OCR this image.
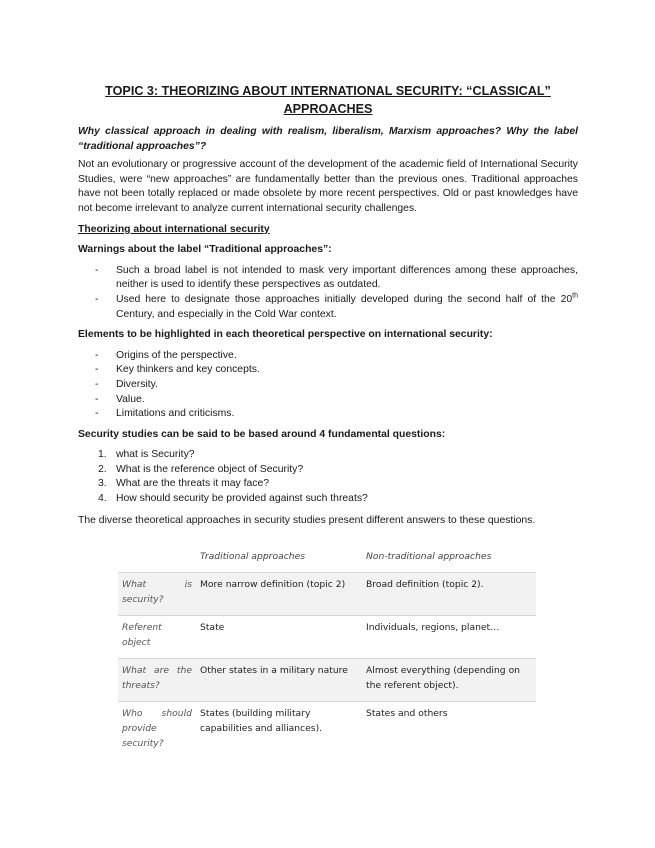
TOPIC 3: THEORIZING ABOUT INTERNATIONAL SECURITY: “CLASSICAL”
APPROACHES

Why classical approach in dealing with realism, liberalism, Marxism approaches? Why the label “traditional approaches”?

Not an evolutionary or progressive account of the development of the academic field of International Security Studies, were “new approaches” are fundamentally better than the previous ones. Traditional approaches have not been totally replaced or made obsolete by more recent perspectives. Old or past knowledges have not become irrelevant to analyze current international security challenges.

Theorizing about international security

Warnings about the label “Traditional approaches”:

- Such a broad label is not intended to mask very important differences among these approaches, neither is used to identify these perspectives as outdated.
- Used here to designate those approaches initially developed during the second half of the 20th Century, and especially in the Cold War context.

Elements to be highlighted in each theoretical perspective on international security:

- Origins of the perspective.
- Key thinkers and key concepts.
- Diversity.
- Value.
- Limitations and criticisms.

Security studies can be said to be based around 4 fundamental questions:

1. what is Security?
2. What is the reference object of Security?
3. What are the threats it may face?
4. How should security be provided against such threats?

The diverse theoretical approaches in security studies present different answers to these questions.

	Traditional approaches	Non-traditional approaches
What is security?	More narrow definition (topic 2)	Broad definition (topic 2).
Referent object	State	Individuals, regions, planet…
What are the threats?	Other states in a military nature	Almost everything (depending on the referent object).
Who should provide security?	States (building military capabilities and alliances).	States and others
